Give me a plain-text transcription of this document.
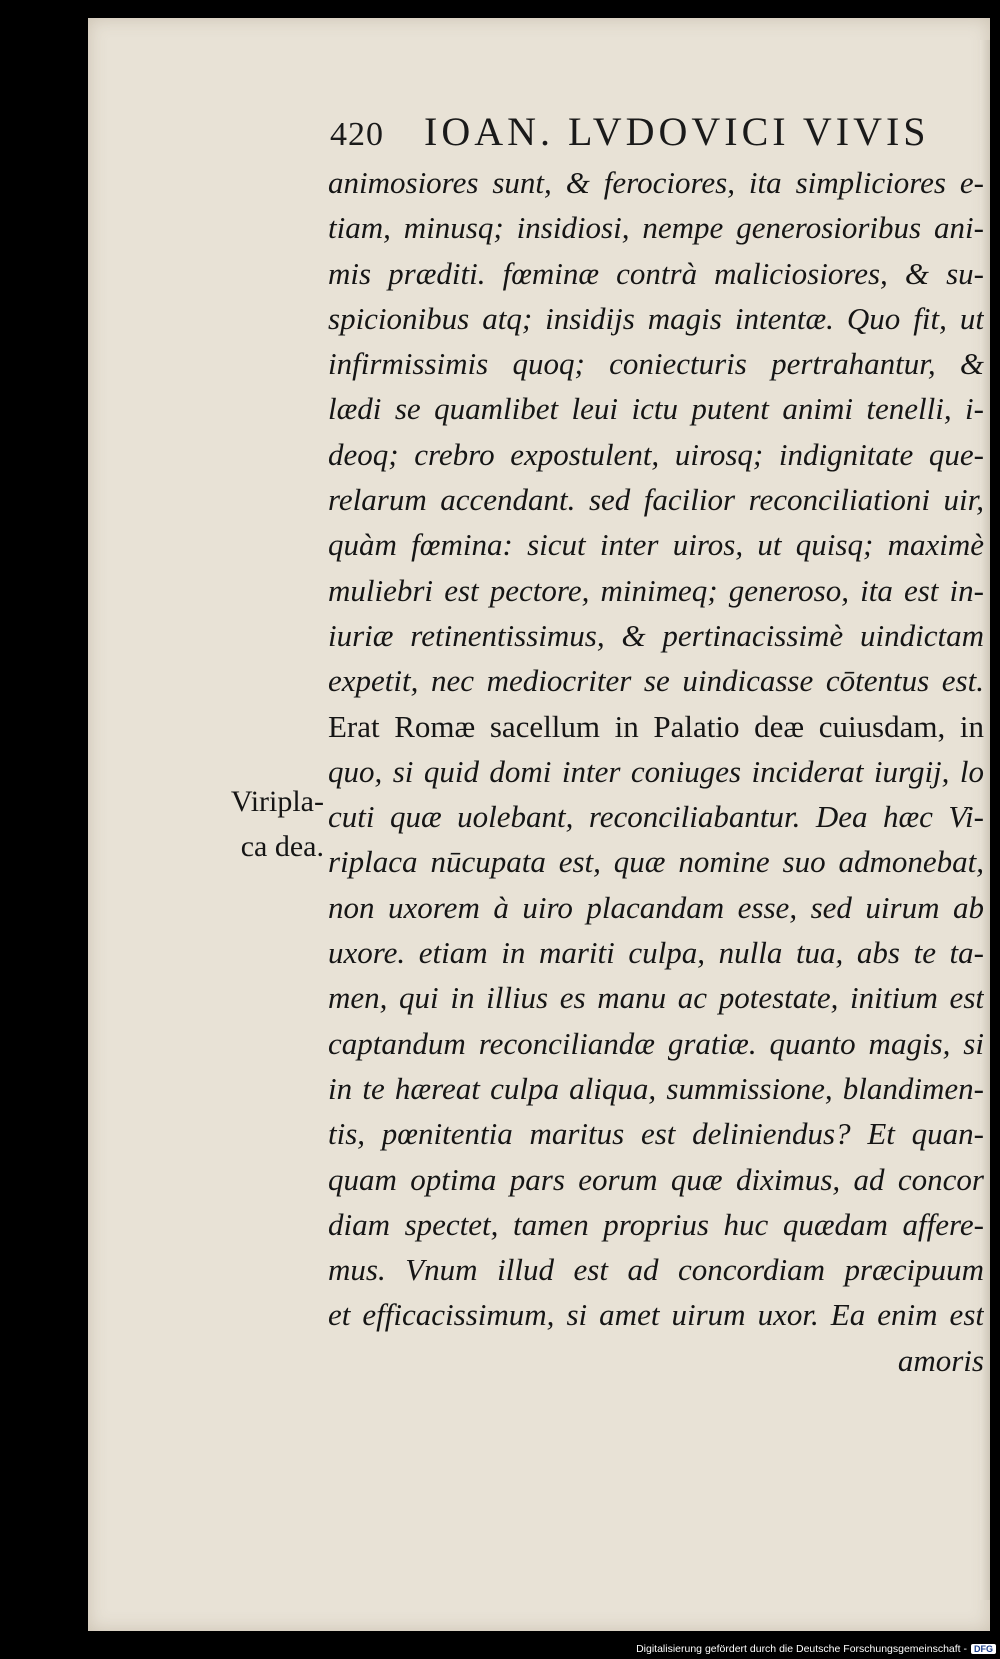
420 IOAN. LVDOVICI VIVIS
Viripla-
ca dea.
animosiores sunt, & ferociores, ita simpliciores e-
tiam, minusq; insidiosi, nempe generosioribus ani-
mis præditi. fœminæ contrà maliciosiores, & su-
spicionibus atq; insidijs magis intentæ. Quo fit, ut
infirmissimis quoq; coniecturis pertrahantur, &
lædi se quamlibet leui ictu putent animi tenelli, i-
deoq; crebro expostulent, uirosq; indignitate que-
relarum accendant. sed facilior reconciliationi uir,
quàm fœmina: sicut inter uiros, ut quisq; maximè
muliebri est pectore, minimeq; generoso, ita est in-
iuriæ retinentissimus, & pertinacissimè uindictam
expetit, nec mediocriter se uindicasse cōtentus est.
Erat Romæ sacellum in Palatio deæ cuiusdam, in
quo, si quid domi inter coniuges inciderat iurgij, lo
cuti quæ uolebant, reconciliabantur. Dea hæc Vi-
riplaca nūcupata est, quæ nomine suo admonebat,
non uxorem à uiro placandam esse, sed uirum ab
uxore. etiam in mariti culpa, nulla tua, abs te ta-
men, qui in illius es manu ac potestate, initium est
captandum reconciliandæ gratiæ. quanto magis, si
in te hæreat culpa aliqua, summissione, blandimen-
tis, pœnitentia maritus est deliniendus? Et quan-
quam optima pars eorum quæ diximus, ad concor
diam spectet, tamen proprius huc quædam affere-
mus. Vnum illud est ad concordiam præcipuum
et efficacissimum, si amet uirum uxor. Ea enim est
amoris
Digitalisierung gefördert durch die Deutsche Forschungsgemeinschaft - DFG
